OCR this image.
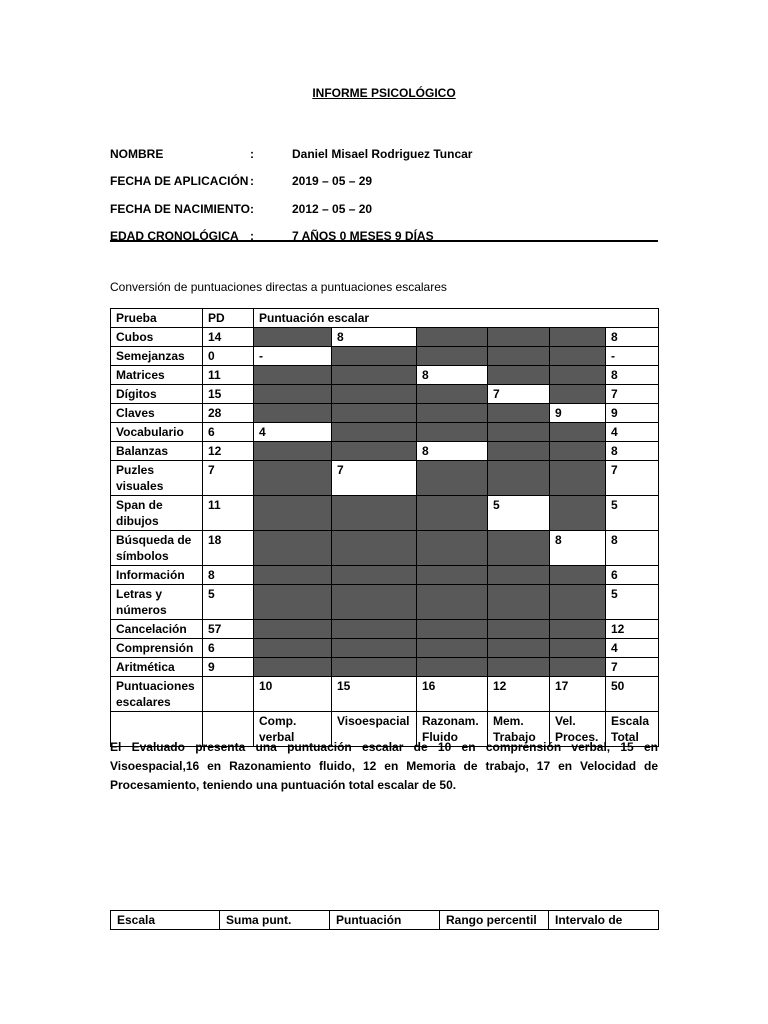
INFORME PSICOLÓGICO
NOMBRE	:	Daniel Misael Rodriguez Tuncar
FECHA DE APLICACIÓN :	2019 – 05 – 29
FECHA DE NACIMIENTO:	2012 – 05 – 20
EDAD CRONOLÓGICA :	7 AÑOS 0 MESES 9 DÍAS
Conversión de puntuaciones directas a puntuaciones escalares
Prueba	PD	Puntuación escalar					
Cubos	14		8				8
Semejanzas	0	-					-
Matrices	11			8			8
Dígitos	15				7		7
Claves	28					9	9
Vocabulario	6	4					4
Balanzas	12			8			8
Puzles visuales	7		7				7
Span de dibujos	11				5		5
Búsqueda de símbolos	18					8	8
Información	8						6
Letras y números	5						5
Cancelación	57						12
Comprensión	6						4
Aritmética	9						7
Puntuaciones escalares		10	15	16	12	17	50
		Comp. verbal	Visoespacial	Razonam. Fluido	Mem. Trabajo	Vel. Proces.	Escala Total
El Evaluado presenta una puntuación escalar de 10 en comprensión verbal, 15 en Visoespacial,16 en Razonamiento fluido, 12 en Memoria de trabajo, 17 en Velocidad de Procesamiento, teniendo una puntuación total escalar de 50.
Escala	Suma punt.	Puntuación	Rango percentil	Intervalo de
